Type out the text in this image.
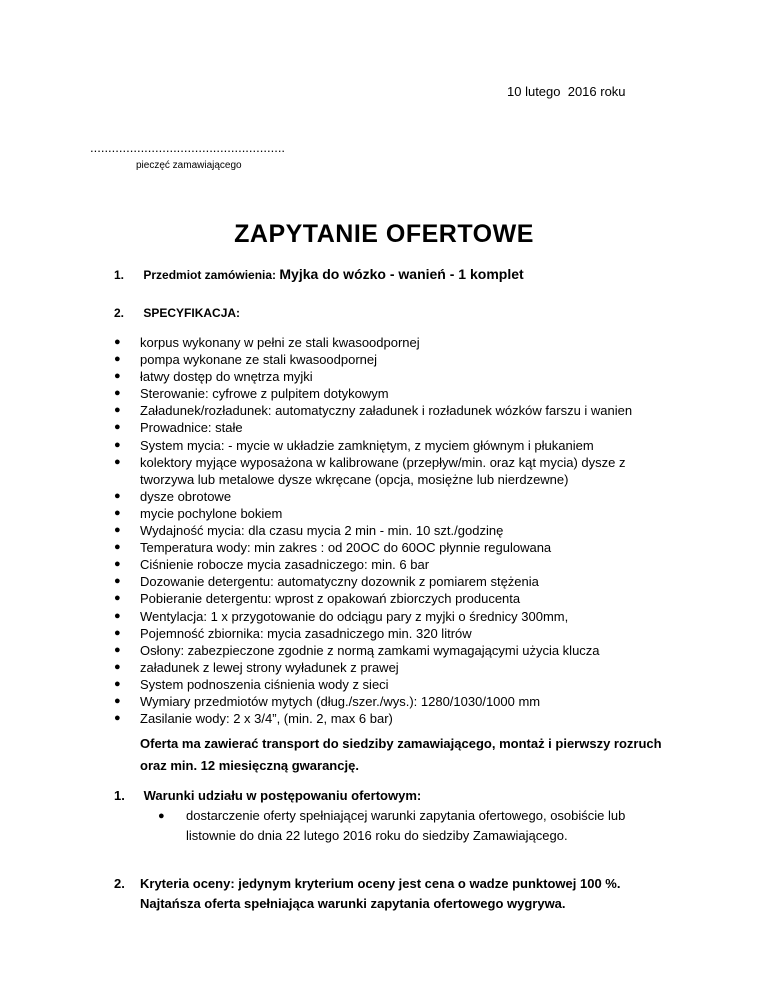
10 lutego  2016 roku
......................................................
pieczęć zamawiającego
ZAPYTANIE OFERTOWE
1. Przedmiot zamówienia: Myjka do wózko - wanień - 1 komplet
2. SPECYFIKACJA:
● korpus wykonany w pełni ze stali kwasoodpornej
● pompa wykonane ze stali kwasoodpornej
● łatwy dostęp do wnętrza myjki
● Sterowanie: cyfrowe z pulpitem dotykowym
● Załadunek/rozładunek: automatyczny załadunek i rozładunek wózków farszu i wanien
● Prowadnice: stałe
● System mycia: - mycie w układzie zamkniętym, z myciem głównym i płukaniem
● kolektory myjące wyposażona w kalibrowane (przepływ/min. oraz kąt mycia) dysze z tworzywa lub metalowe dysze wkręcane (opcja, mosiężne lub nierdzewne)
● dysze obrotowe
● mycie pochylone bokiem
● Wydajność mycia: dla czasu mycia 2 min - min. 10 szt./godzinę
● Temperatura wody: min zakres : od 20OC do 60OC płynnie regulowana
● Ciśnienie robocze mycia zasadniczego: min. 6 bar
● Dozowanie detergentu: automatyczny dozownik z pomiarem stężenia
● Pobieranie detergentu: wprost z opakowań zbiorczych producenta
● Wentylacja: 1 x przygotowanie do odciągu pary z myjki o średnicy 300mm,
● Pojemność zbiornika: mycia zasadniczego min. 320 litrów
● Osłony: zabezpieczone zgodnie z normą zamkami wymagającymi użycia klucza
● załadunek z lewej strony wyładunek z prawej
● System podnoszenia ciśnienia wody z sieci
● Wymiary przedmiotów mytych (dług./szer./wys.): 1280/1030/1000 mm
● Zasilanie wody: 2 x 3/4”, (min. 2, max 6 bar)
Oferta ma zawierać transport do siedziby zamawiającego, montaż i pierwszy rozruch oraz min. 12 miesięczną gwarancję.
1. Warunki udziału w postępowaniu ofertowym:
● dostarczenie oferty spełniającej warunki zapytania ofertowego, osobiście lub listownie do dnia 22 lutego 2016 roku do siedziby Zamawiającego.
2. Kryteria oceny: jedynym kryterium oceny jest cena o wadze punktowej 100 %. Najtańsza oferta spełniająca warunki zapytania ofertowego wygrywa.
